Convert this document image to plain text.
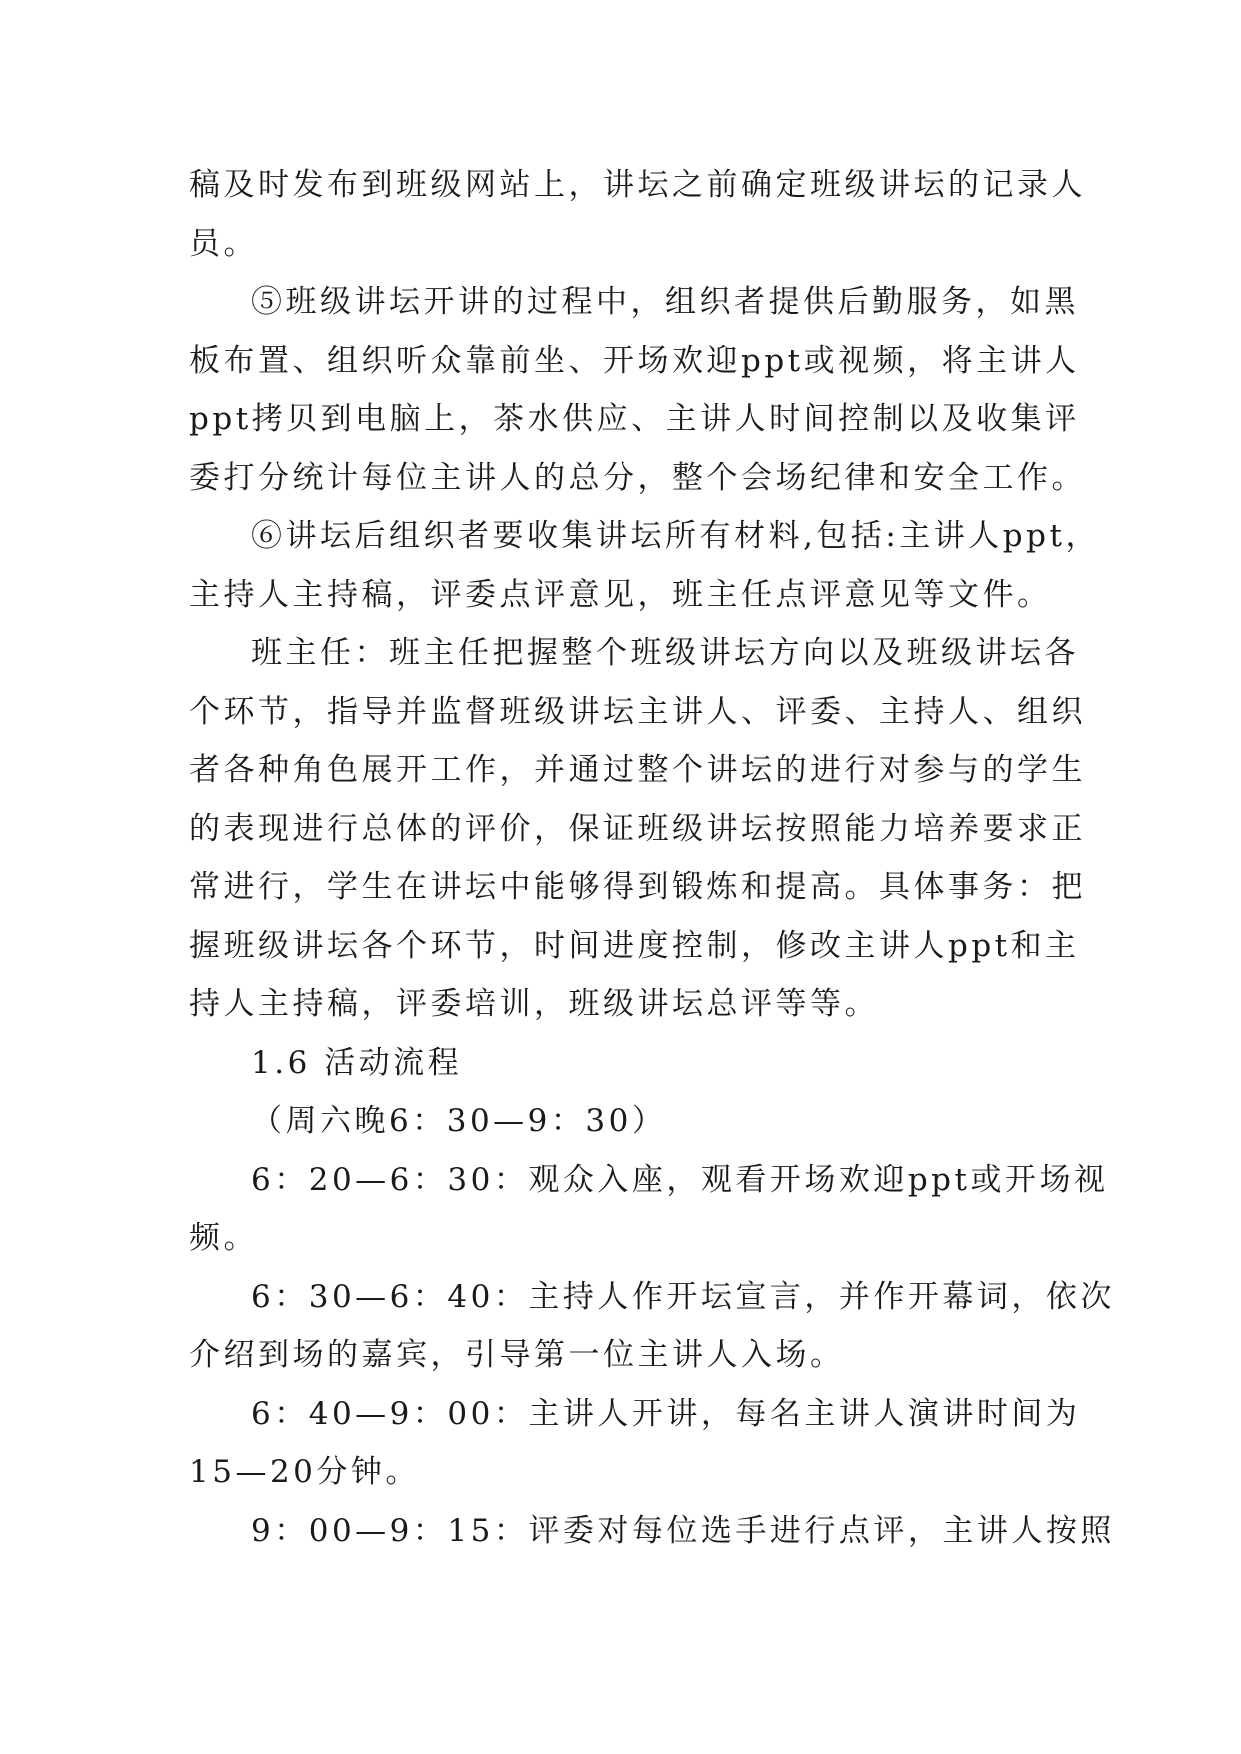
稿及时发布到班级网站上，讲坛之前确定班级讲坛的记录人
员。
⑤班级讲坛开讲的过程中，组织者提供后勤服务，如黑
板布置、组织听众靠前坐、开场欢迎ppt或视频，将主讲人
ppt拷贝到电脑上，茶水供应、主讲人时间控制以及收集评
委打分统计每位主讲人的总分，整个会场纪律和安全工作。
⑥讲坛后组织者要收集讲坛所有材料,包括:主讲人ppt，
主持人主持稿，评委点评意见，班主任点评意见等文件。
班主任：班主任把握整个班级讲坛方向以及班级讲坛各
个环节，指导并监督班级讲坛主讲人、评委、主持人、组织
者各种角色展开工作，并通过整个讲坛的进行对参与的学生
的表现进行总体的评价，保证班级讲坛按照能力培养要求正
常进行，学生在讲坛中能够得到锻炼和提高。具体事务：把
握班级讲坛各个环节，时间进度控制，修改主讲人ppt和主
持人主持稿，评委培训，班级讲坛总评等等。
1.6 活动流程
（周六晚6：30—9：30）
6：20—6：30：观众入座，观看开场欢迎ppt或开场视
频。
6：30—6：40：主持人作开坛宣言，并作开幕词，依次
介绍到场的嘉宾，引导第一位主讲人入场。
6：40—9：00：主讲人开讲，每名主讲人演讲时间为
15—20分钟。
9：00—9：15：评委对每位选手进行点评，主讲人按照
